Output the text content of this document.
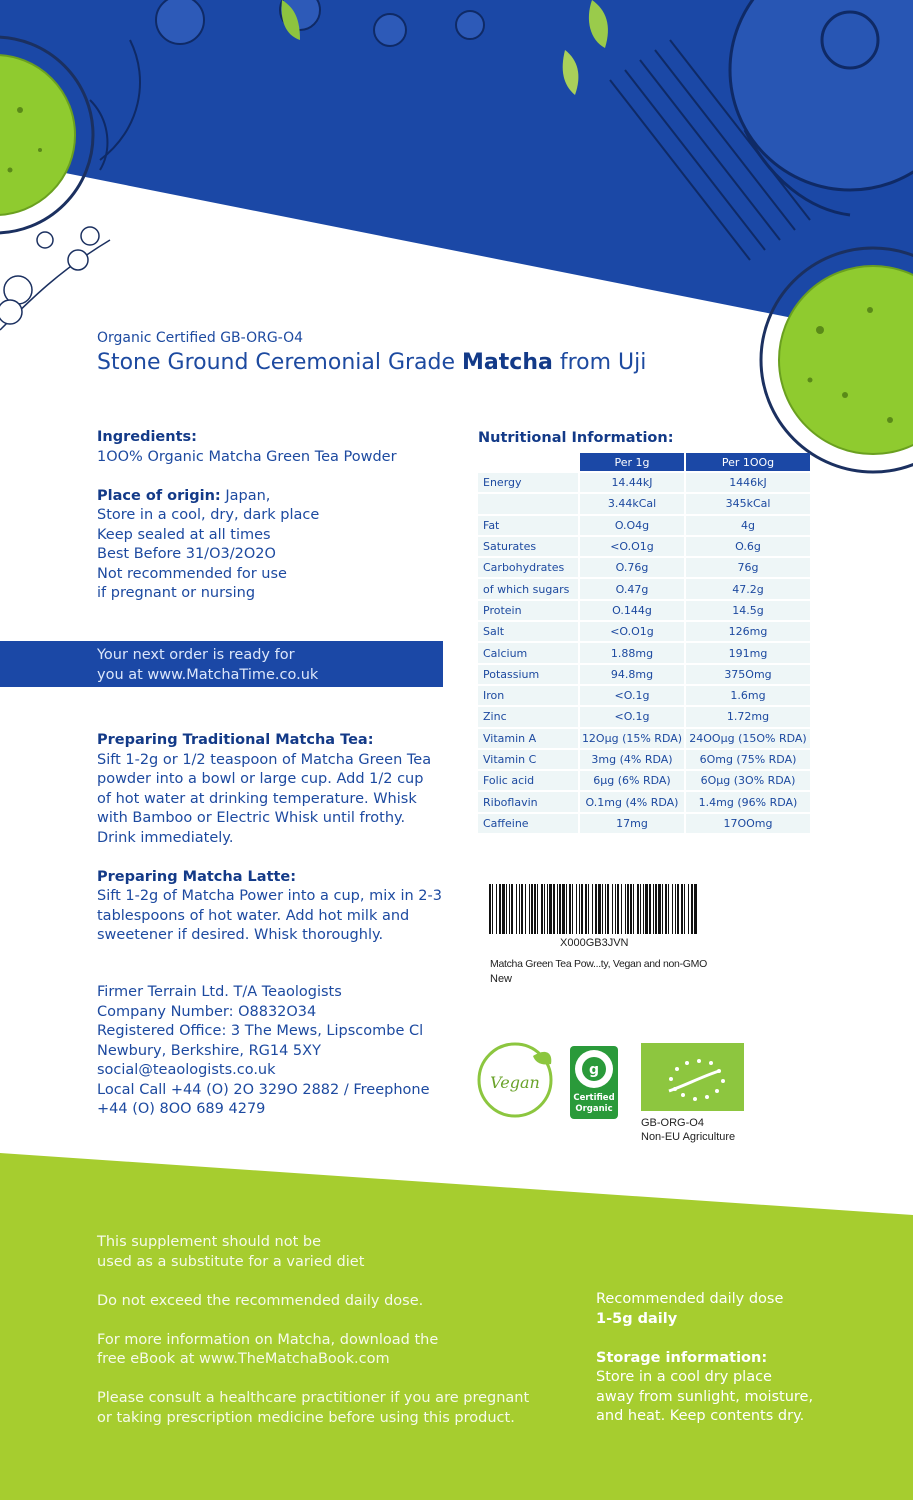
Organic Certified GB-ORG-O4
Stone Ground Ceremonial Grade Matcha from Uji
Ingredients:
1OO% Organic Matcha Green Tea Powder
Place of origin: Japan,
Store in a cool, dry, dark place
Keep sealed at all times
Best Before 31/O3/2O2O
Not recommended for use
if pregnant or nursing
Your next order is ready for
you at www.MatchaTime.co.uk
Preparing Traditional Matcha Tea:
Sift 1-2g or 1/2 teaspoon of Matcha Green Tea
powder into a bowl or large cup. Add 1/2 cup
of hot water at drinking temperature. Whisk
with Bamboo or Electric Whisk until frothy.
Drink immediately.
Preparing Matcha Latte:
Sift 1-2g of Matcha Power into a cup, mix in 2-3
tablespoons of hot water. Add hot milk and
sweetener if desired. Whisk thoroughly.
Firmer Terrain Ltd. T/A Teaologists
Company Number: O8832O34
Registered Office: 3 The Mews, Lipscombe Cl
Newbury, Berkshire, RG14 5XY
social@teaologists.co.uk
Local Call +44 (O) 2O 329O 2882 / Freephone
+44 (O) 8OO 689 4279
Nutritional Information:
	Per 1g	Per 1OOg
Energy	14.44kJ	1446kJ
	3.44kCal	345kCal
Fat	O.O4g	4g
Saturates	<O.O1g	O.6g
Carbohydrates	O.76g	76g
of which sugars	O.47g	47.2g
Protein	O.144g	14.5g
Salt	<O.O1g	126mg
Calcium	1.88mg	191mg
Potassium	94.8mg	375Omg
Iron	<O.1g	1.6mg
Zinc	<O.1g	1.72mg
Vitamin A	12Oµg (15% RDA)	24OOµg (15O% RDA)
Vitamin C	3mg (4% RDA)	6Omg (75% RDA)
Folic acid	6µg (6% RDA)	6Oµg (3O% RDA)
Riboflavin	O.1mg (4% RDA)	1.4mg (96% RDA)
Caffeine	17mg	17OOmg
X000GB3JVN
Matcha Green Tea Pow...ty, Vegan and non-GMO
New
Vegan
g
Certified
Organic
GB-ORG-O4
Non-EU Agriculture

This supplement should not be
used as a substitute for a varied diet

Do not exceed the recommended daily dose.

For more information on Matcha, download the
free eBook at www.TheMatchaBook.com

Please consult a healthcare practitioner if you are pregnant
or taking prescription medicine before using this product.

Recommended daily dose
1-5g daily
Storage information:
Store in a cool dry place
away from sunlight, moisture,
and heat. Keep contents dry.
